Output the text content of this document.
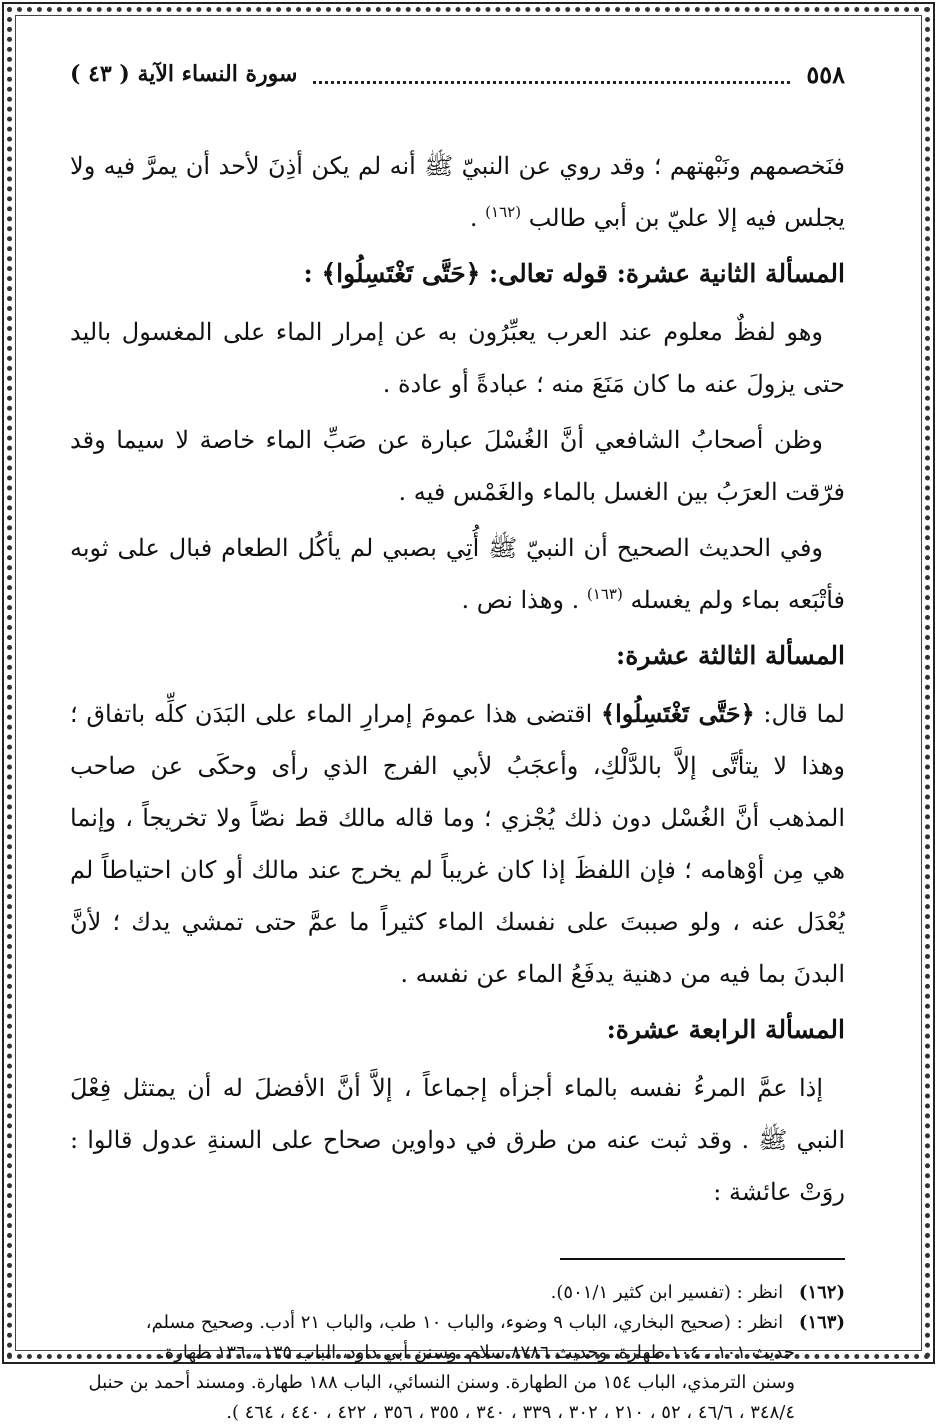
٥٥٨
سورة النساء الآية ( ٤٣ )

فنَخصمهم ونَبْهتهم ؛ وقد روي عن النبيّ ﷺ أنه لم يكن أذِنَ لأحد أن يمرَّ فيه ولا يجلس فيه إلا عليّ بن أبي طالب $^{(١٦٢)}$ .

المسألة الثانية عشرة: قوله تعالى: ﴿حَتَّى تَغْتَسِلُوا﴾ :

وهو لفظٌ معلوم عند العرب يعبِّرُون به عن إمرار الماء على المغسول باليد حتى يزولَ عنه ما كان مَنَعَ منه ؛ عبادةً أو عادة .

وظن أصحابُ الشافعي أنَّ الغُسْلَ عبارة عن صَبِّ الماء خاصة لا سيما وقد فرّقت العرَبُ بين الغسل بالماء والغَمْس فيه .

وفي الحديث الصحيح أن النبيّ ﷺ أُتِي بصبي لم يأكُل الطعام فبال على ثوبه فأتْبَعه بماء ولم يغسله $^{(١٦٣)}$ . وهذا نص .

المسألة الثالثة عشرة:

لما قال: ﴿حَتَّى تَغْتَسِلُوا﴾ اقتضى هذا عمومَ إمرارِ الماء على البَدَن كلِّه باتفاق ؛ وهذا لا يتأتَّى إلاَّ بالدَّلْكِ، وأعجَبُ لأبي الفرج الذي رأى وحكَى عن صاحب المذهب أنَّ الغُسْل دون ذلك يُجْزي ؛ وما قاله مالك قط نصّاً ولا تخريجاً ، وإنما هي مِن أوْهامه ؛ فإن اللفظَ إذا كان غريباً لم يخرج عند مالك أو كان احتياطاً لم يُعْدَل عنه ، ولو صببتَ على نفسك الماء كثيراً ما عمَّ حتى تمشي يدك ؛ لأنَّ البدنَ بما فيه من دهنية يدفَعُ الماء عن نفسه .

المسألة الرابعة عشرة:

إذا عمَّ المرءُ نفسه بالماء أجزأه إجماعاً ، إلاَّ أنَّ الأفضلَ له أن يمتثل فِعْلَ النبي ﷺ . وقد ثبت عنه من طرق في دواوين صحاح على السنةِ عدول قالوا : روَتْ عائشة :

(١٦٢) انظر : (تفسير ابن كثير ٥٠١/١).

(١٦٣) انظر : (صحيح البخاري، الباب ٩ وضوء، والباب ١٠ طب، والباب ٢١ أدب. وصحيح مسلم،

حديث ١٠١ ، ١٠٤ طهارة، وحديث ٨٧٨٦ سلام. وسنن أبي داود، الباب ١٣٥ ، ١٣٦ طهارة.

وسنن الترمذي، الباب ١٥٤ من الطهارة. وسنن النسائي، الباب ١٨٨ طهارة. ومسند أحمد بن حنبل

٣٤٨/٤ ، ٤٦/٦ ، ٥٢ ، ٢١٠ ، ٣٠٢ ، ٣٣٩ ، ٣٤٠ ، ٣٥٥ ، ٣٥٦ ، ٤٢٢ ، ٤٤٠ ، ٤٦٤ ).
